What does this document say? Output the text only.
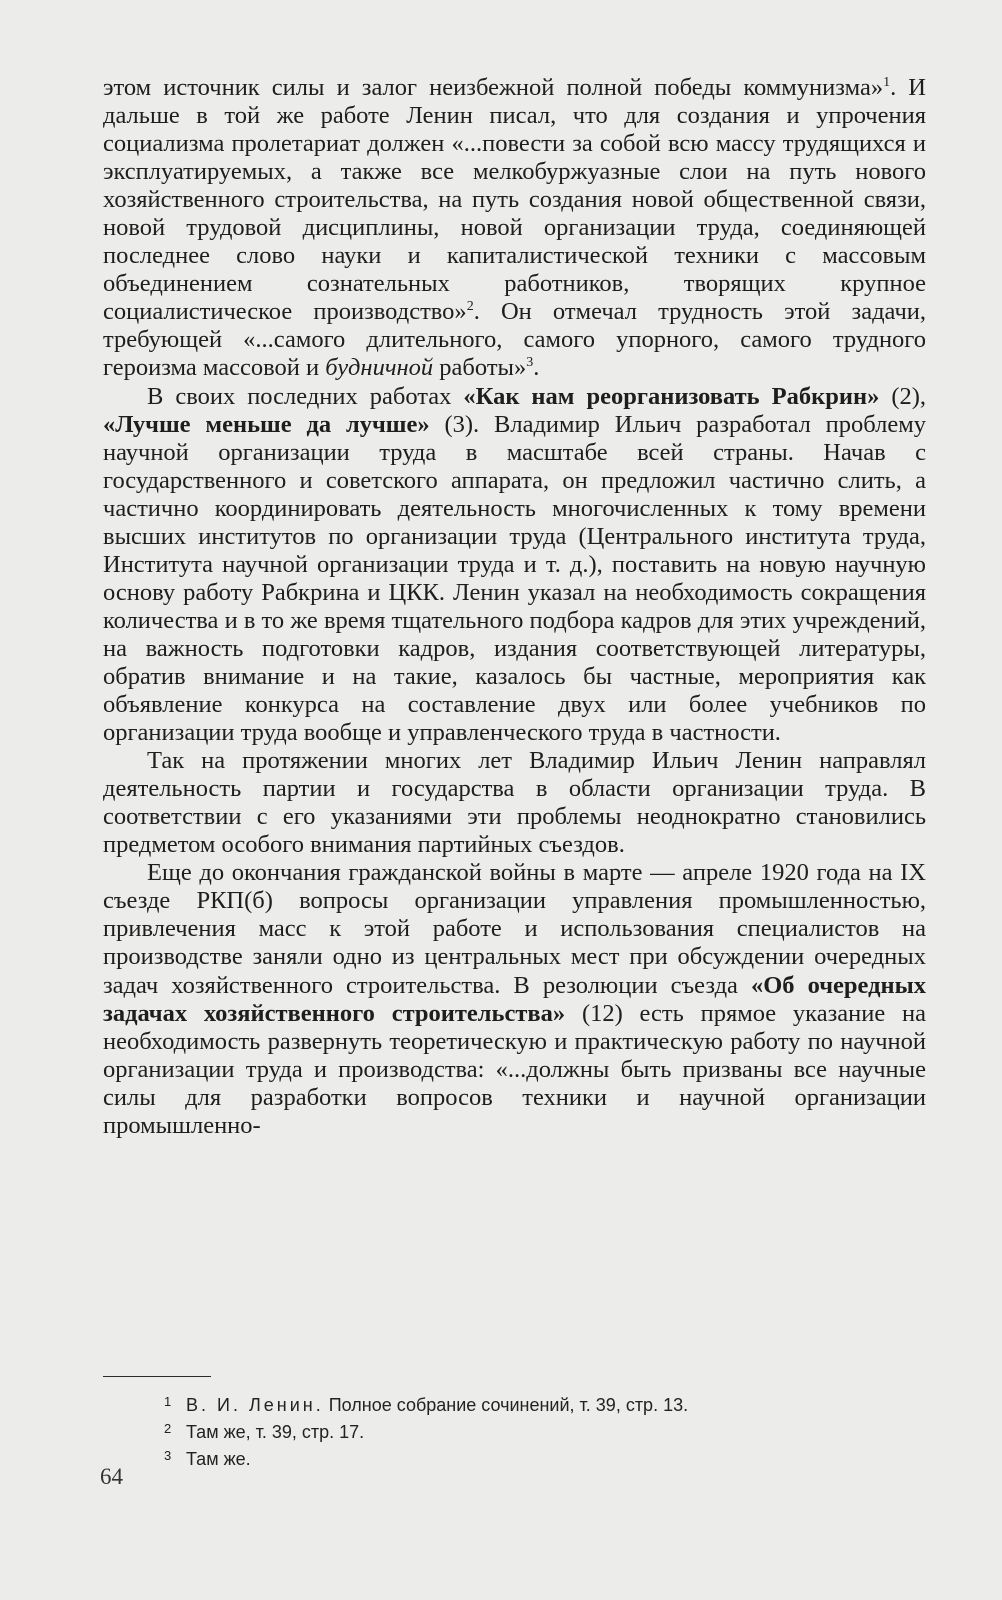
этом источник силы и залог неизбежной полной победы коммунизма»$^1$. И дальше в той же работе Ленин писал, что для создания и упрочения социализма пролетариат должен «...повести за собой всю массу трудящихся и эксплуатируемых, а также все мелкобуржуазные слои на путь нового хозяйственного строительства, на путь создания новой общественной связи, новой трудовой дисциплины, новой организации труда, соединяющей последнее слово науки и капиталистической техники с массовым объединением сознательных работников, творящих крупное социалистическое производство»$^2$. Он отмечал трудность этой задачи, требующей «...самого длительного, самого упорного, самого трудного героизма массовой и будничной работы»$^3$.

В своих последних работах «Как нам реорганизовать Рабкрин» (2), «Лучше меньше да лучше» (3). Владимир Ильич разработал проблему научной организации труда в масштабе всей страны. Начав с государственного и советского аппарата, он предложил частично слить, а частично координировать деятельность многочисленных к тому времени высших институтов по организации труда (Центрального института труда, Института научной организации труда и т. д.), поставить на новую научную основу работу Рабкрина и ЦКК. Ленин указал на необходимость сокращения количества и в то же время тщательного подбора кадров для этих учреждений, на важность подготовки кадров, издания соответствующей литературы, обратив внимание и на такие, казалось бы частные, мероприятия как объявление конкурса на составление двух или более учебников по организации труда вообще и управленческого труда в частности.

Так на протяжении многих лет Владимир Ильич Ленин направлял деятельность партии и государства в области организации труда. В соответствии с его указаниями эти проблемы неоднократно становились предметом особого внимания партийных съездов.

Еще до окончания гражданской войны в марте — апреле 1920 года на IX съезде РКП(б) вопросы организации управления промышленностью, привлечения масс к этой работе и использования специалистов на производстве заняли одно из центральных мест при обсуждении очередных задач хозяйственного строительства. В резолюции съезда «Об очередных задачах хозяйственного строительства» (12) есть прямое указание на необходимость развернуть теоретическую и практическую работу по научной организации труда и производства: «...должны быть призваны все научные силы для разработки вопросов техники и научной организации промышленно-

1 В. И. Ленин. Полное собрание сочинений, т. 39, стр. 13.
2 Там же, т. 39, стр. 17.
3 Там же.
64
